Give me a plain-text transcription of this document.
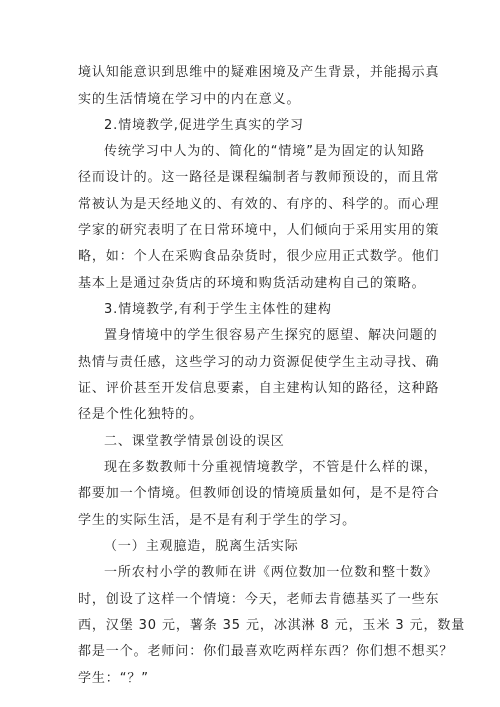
境认知能意识到思维中的疑难困境及产生背景，并能揭示真
实的生活情境在学习中的内在意义。
2.情境教学,促进学生真实的学习
传统学习中人为的、简化的“情境”是为固定的认知路
径而设计的。这一路径是课程编制者与教师预设的，而且常
常被认为是天经地义的、有效的、有序的、科学的。而心理
学家的研究表明了在日常环境中，人们倾向于采用实用的策
略，如：个人在采购食品杂货时，很少应用正式数学。他们
基本上是通过杂货店的环境和购货活动建构自己的策略。
3.情境教学,有利于学生主体性的建构
置身情境中的学生很容易产生探究的愿望、解决问题的
热情与责任感，这些学习的动力资源促使学生主动寻找、确
证、评价甚至开发信息要素，自主建构认知的路径，这种路
径是个性化独特的。
二、课堂教学情景创设的误区
现在多数教师十分重视情境教学，不管是什么样的课，
都要加一个情境。但教师创设的情境质量如何，是不是符合
学生的实际生活，是不是有利于学生的学习。
（一）主观臆造，脱离生活实际
一所农村小学的教师在讲《两位数加一位数和整十数》
时，创设了这样一个情境：今天，老师去肯德基买了一些东
西，汉堡 30 元，薯条 35 元，冰淇淋 8 元，玉米 3 元，数量
都是一个。老师问：你们最喜欢吃两样东西？你们想不想买？
学生：“？”
